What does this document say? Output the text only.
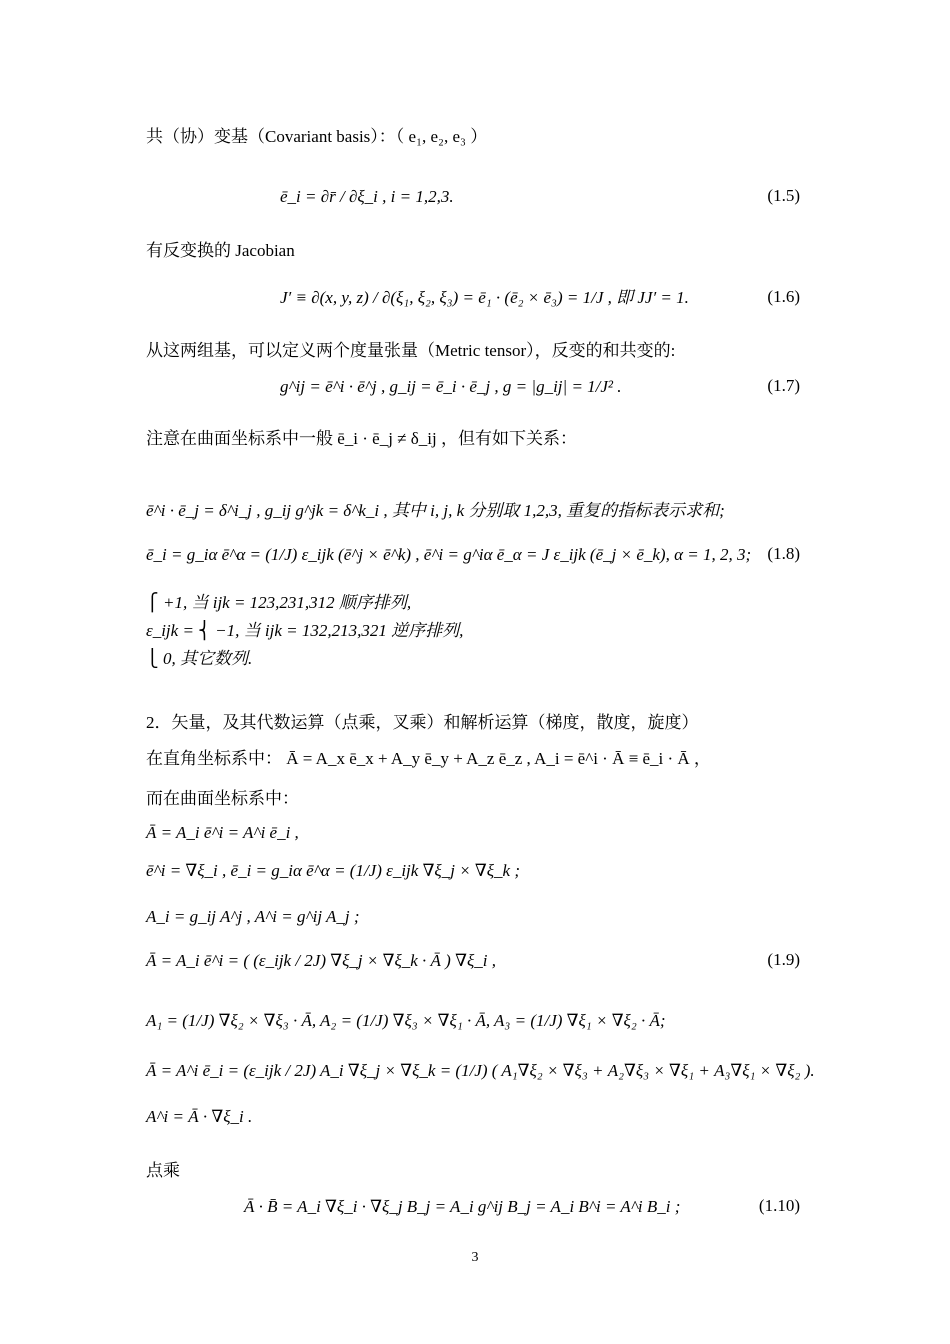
共（协）变基（Covariant basis）：（ e₁, e₂, e₃ ）
ē_i = ∂r̄ / ∂ξ_i , i = 1,2,3.	(1.5)
有反变换的 Jacobian
J′ ≡ ∂(x, y, z) / ∂(ξ₁, ξ₂, ξ₃) = ē₁ · (ē₂ × ē₃) = 1/J , 即 JJ′ = 1.	(1.6)
从这两组基，可以定义两个度量张量（Metric tensor），反变的和共变的:
g^ij = ē^i · ē^j , g_ij = ē_i · ē_j , g = |g_ij| = 1/J² .	(1.7)
注意在曲面坐标系中一般 ē_i · ē_j ≠ δ_ij ，但有如下关系：
ē^i · ē_j = δ^i_j , g_ij g^jk = δ^k_i , 其中 i, j, k 分别取 1,2,3, 重复的指标表示求和;
ē_i = g_iα ē^α = (1/J) ε_ijk (ē^j × ē^k) , ē^i = g^iα ē_α = J ε_ijk (ē_j × ē_k), α = 1, 2, 3; (1.8)
⎧ +1, 当 ijk = 123,231,312 顺序排列,
ε_ijk = ⎨ −1, 当 ijk = 132,213,321 逆序排列,
⎩ 0, 其它数列.
2．矢量，及其代数运算（点乘，叉乘）和解析运算（梯度，散度，旋度）
在直角坐标系中： Ā = A_x ē_x + A_y ē_y + A_z ē_z , A_i = ē^i · Ā ≡ ē_i · Ā ，
而在曲面坐标系中：
Ā = A_i ē^i = A^i ē_i ,
ē^i = ∇ξ_i , ē_i = g_iα ē^α = (1/J) ε_ijk ∇ξ_j × ∇ξ_k ;
A_i = g_ij A^j , A^i = g^ij A_j ;
Ā = A_i ē^i = ( (ε_ijk / 2J) ∇ξ_j × ∇ξ_k · Ā ) ∇ξ_i ,	(1.9)
A₁ = (1/J) ∇ξ₂ × ∇ξ₃ · Ā, A₂ = (1/J) ∇ξ₃ × ∇ξ₁ · Ā, A₃ = (1/J) ∇ξ₁ × ∇ξ₂ · Ā;
Ā = A^i ē_i = (ε_ijk / 2J) A_i ∇ξ_j × ∇ξ_k = (1/J) ( A₁∇ξ₂ × ∇ξ₃ + A₂∇ξ₃ × ∇ξ₁ + A₃∇ξ₁ × ∇ξ₂ ).
A^i = Ā · ∇ξ_i .
点乘
Ā · B̄ = A_i ∇ξ_i · ∇ξ_j B_j = A_i g^ij B_j = A_i B^i = A^i B_i ;	(1.10)
3
